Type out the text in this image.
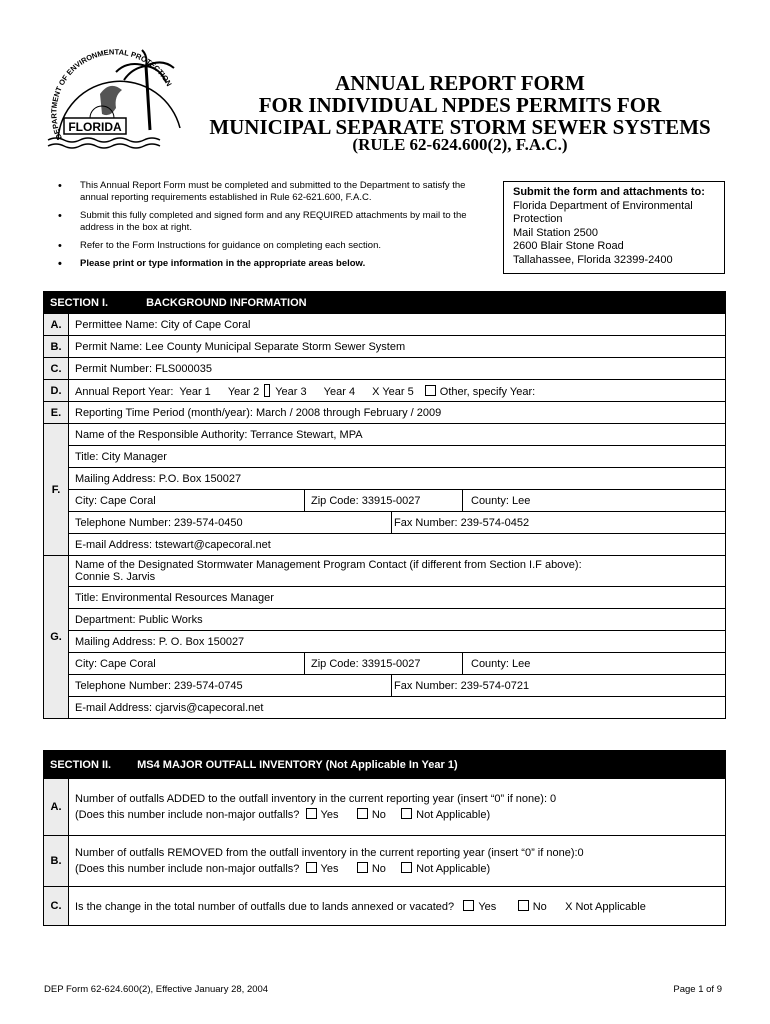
DEPARTMENT OF ENVIRONMENTAL PROTECTION
FLORIDA
ANNUAL REPORT FORM
FOR INDIVIDUAL NPDES PERMITS FOR
MUNICIPAL SEPARATE STORM SEWER SYSTEMS
(RULE 62-624.600(2), F.A.C.)
• This Annual Report Form must be completed and submitted to the Department to satisfy the annual reporting requirements established in Rule 62-621.600, F.A.C.
• Submit this fully completed and signed form and any REQUIRED attachments by mail to the address in the box at right.
• Refer to the Form Instructions for guidance on completing each section.
• Please print or type information in the appropriate areas below.
Submit the form and attachments to:
Florida Department of Environmental
Protection
Mail Station 2500
2600 Blair Stone Road
Tallahassee, Florida 32399-2400
SECTION I. BACKGROUND INFORMATION	
A.	Permittee Name: City of Cape Coral
B.	Permit Name: Lee County Municipal Separate Storm Sewer System
C.	Permit Number: FLS000035
D.	Annual Report Year: Year 1 Year 2 Year 3 Year 4 X Year 5 Other, specify Year:
E.	Reporting Time Period (month/year): March / 2008 through February / 2009
F.	Name of the Responsible Authority: Terrance Stewart, MPA
	Title: City Manager
	Mailing Address: P.O. Box 150027

City: Cape Coral Zip Code: 33915-0027 County: Lee

Telephone Number: 239-574-0450 Fax Number: 239-574-0452

	E-mail Address: tstewart@capecoral.net
G.	Name of the Designated Stormwater Management Program Contact (if different from Section I.F above):
Connie S. Jarvis
	Title: Environmental Resources Manager
	Department: Public Works
	Mailing Address: P. O. Box 150027

City: Cape Coral Zip Code: 33915-0027 County: Lee

Telephone Number: 239-574-0745 Fax Number: 239-574-0721

	E-mail Address: cjarvis@capecoral.net
SECTION II. MS4 MAJOR OUTFALL INVENTORY (Not Applicable In Year 1)	
A.	Number of outfalls ADDED to the outfall inventory in the current reporting year (insert “0” if none): 0
(Does this number include non-major outfalls? Yes No Not Applicable)
B.	Number of outfalls REMOVED from the outfall inventory in the current reporting year (insert “0” if none):0
(Does this number include non-major outfalls? Yes No Not Applicable)
C.	Is the change in the total number of outfalls due to lands annexed or vacated? Yes No X Not Applicable
DEP Form 62-624.600(2), Effective January 28, 2004	Page 1 of 9
